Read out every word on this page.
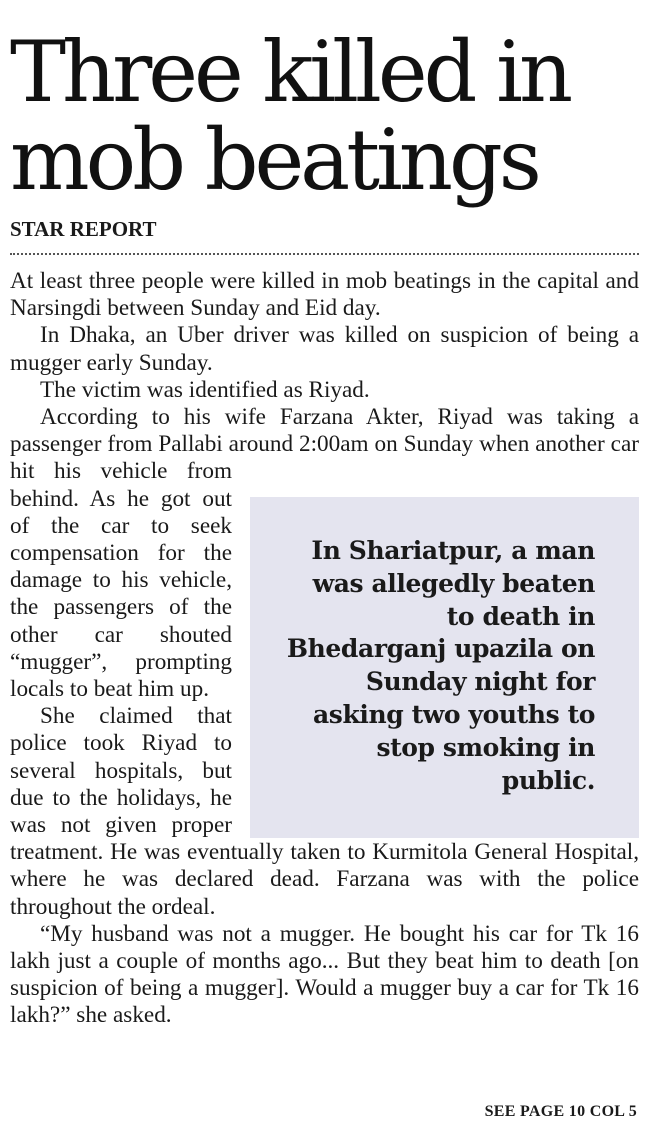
Three killed in
mob beatings
STAR REPORT

At least three people were killed in mob beatings in the capital and Narsingdi between Sunday and Eid day.

In Dhaka, an Uber driver was killed on suspicion of being a mugger early Sunday.

The victim was identified as Riyad.

According to his wife Farzana Akter, Riyad was taking a passenger from Pallabi around 2:00am on Sunday when another car hit his vehicle from behind. As he got out of the car to seek compensation for the damage to his vehicle, the passengers of the other car shouted “mugger”, prompting locals to beat him up.

She claimed that police took Riyad to several hospitals, but due to the holidays, he was not given proper treatment. He was eventually taken to Kurmitola General Hospital, where he was declared dead. Farzana was with the police throughout the ordeal.

“My husband was not a mugger. He bought his car for Tk 16 lakh just a couple of months ago... But they beat him to death [on suspicion of being a mugger]. Would a mugger buy a car for Tk 16 lakh?” she asked.

In Shariatpur, a man was allegedly beaten to death in Bhedarganj upazila on Sunday night for asking two youths to stop smoking in public.

SEE PAGE 10 COL 5
